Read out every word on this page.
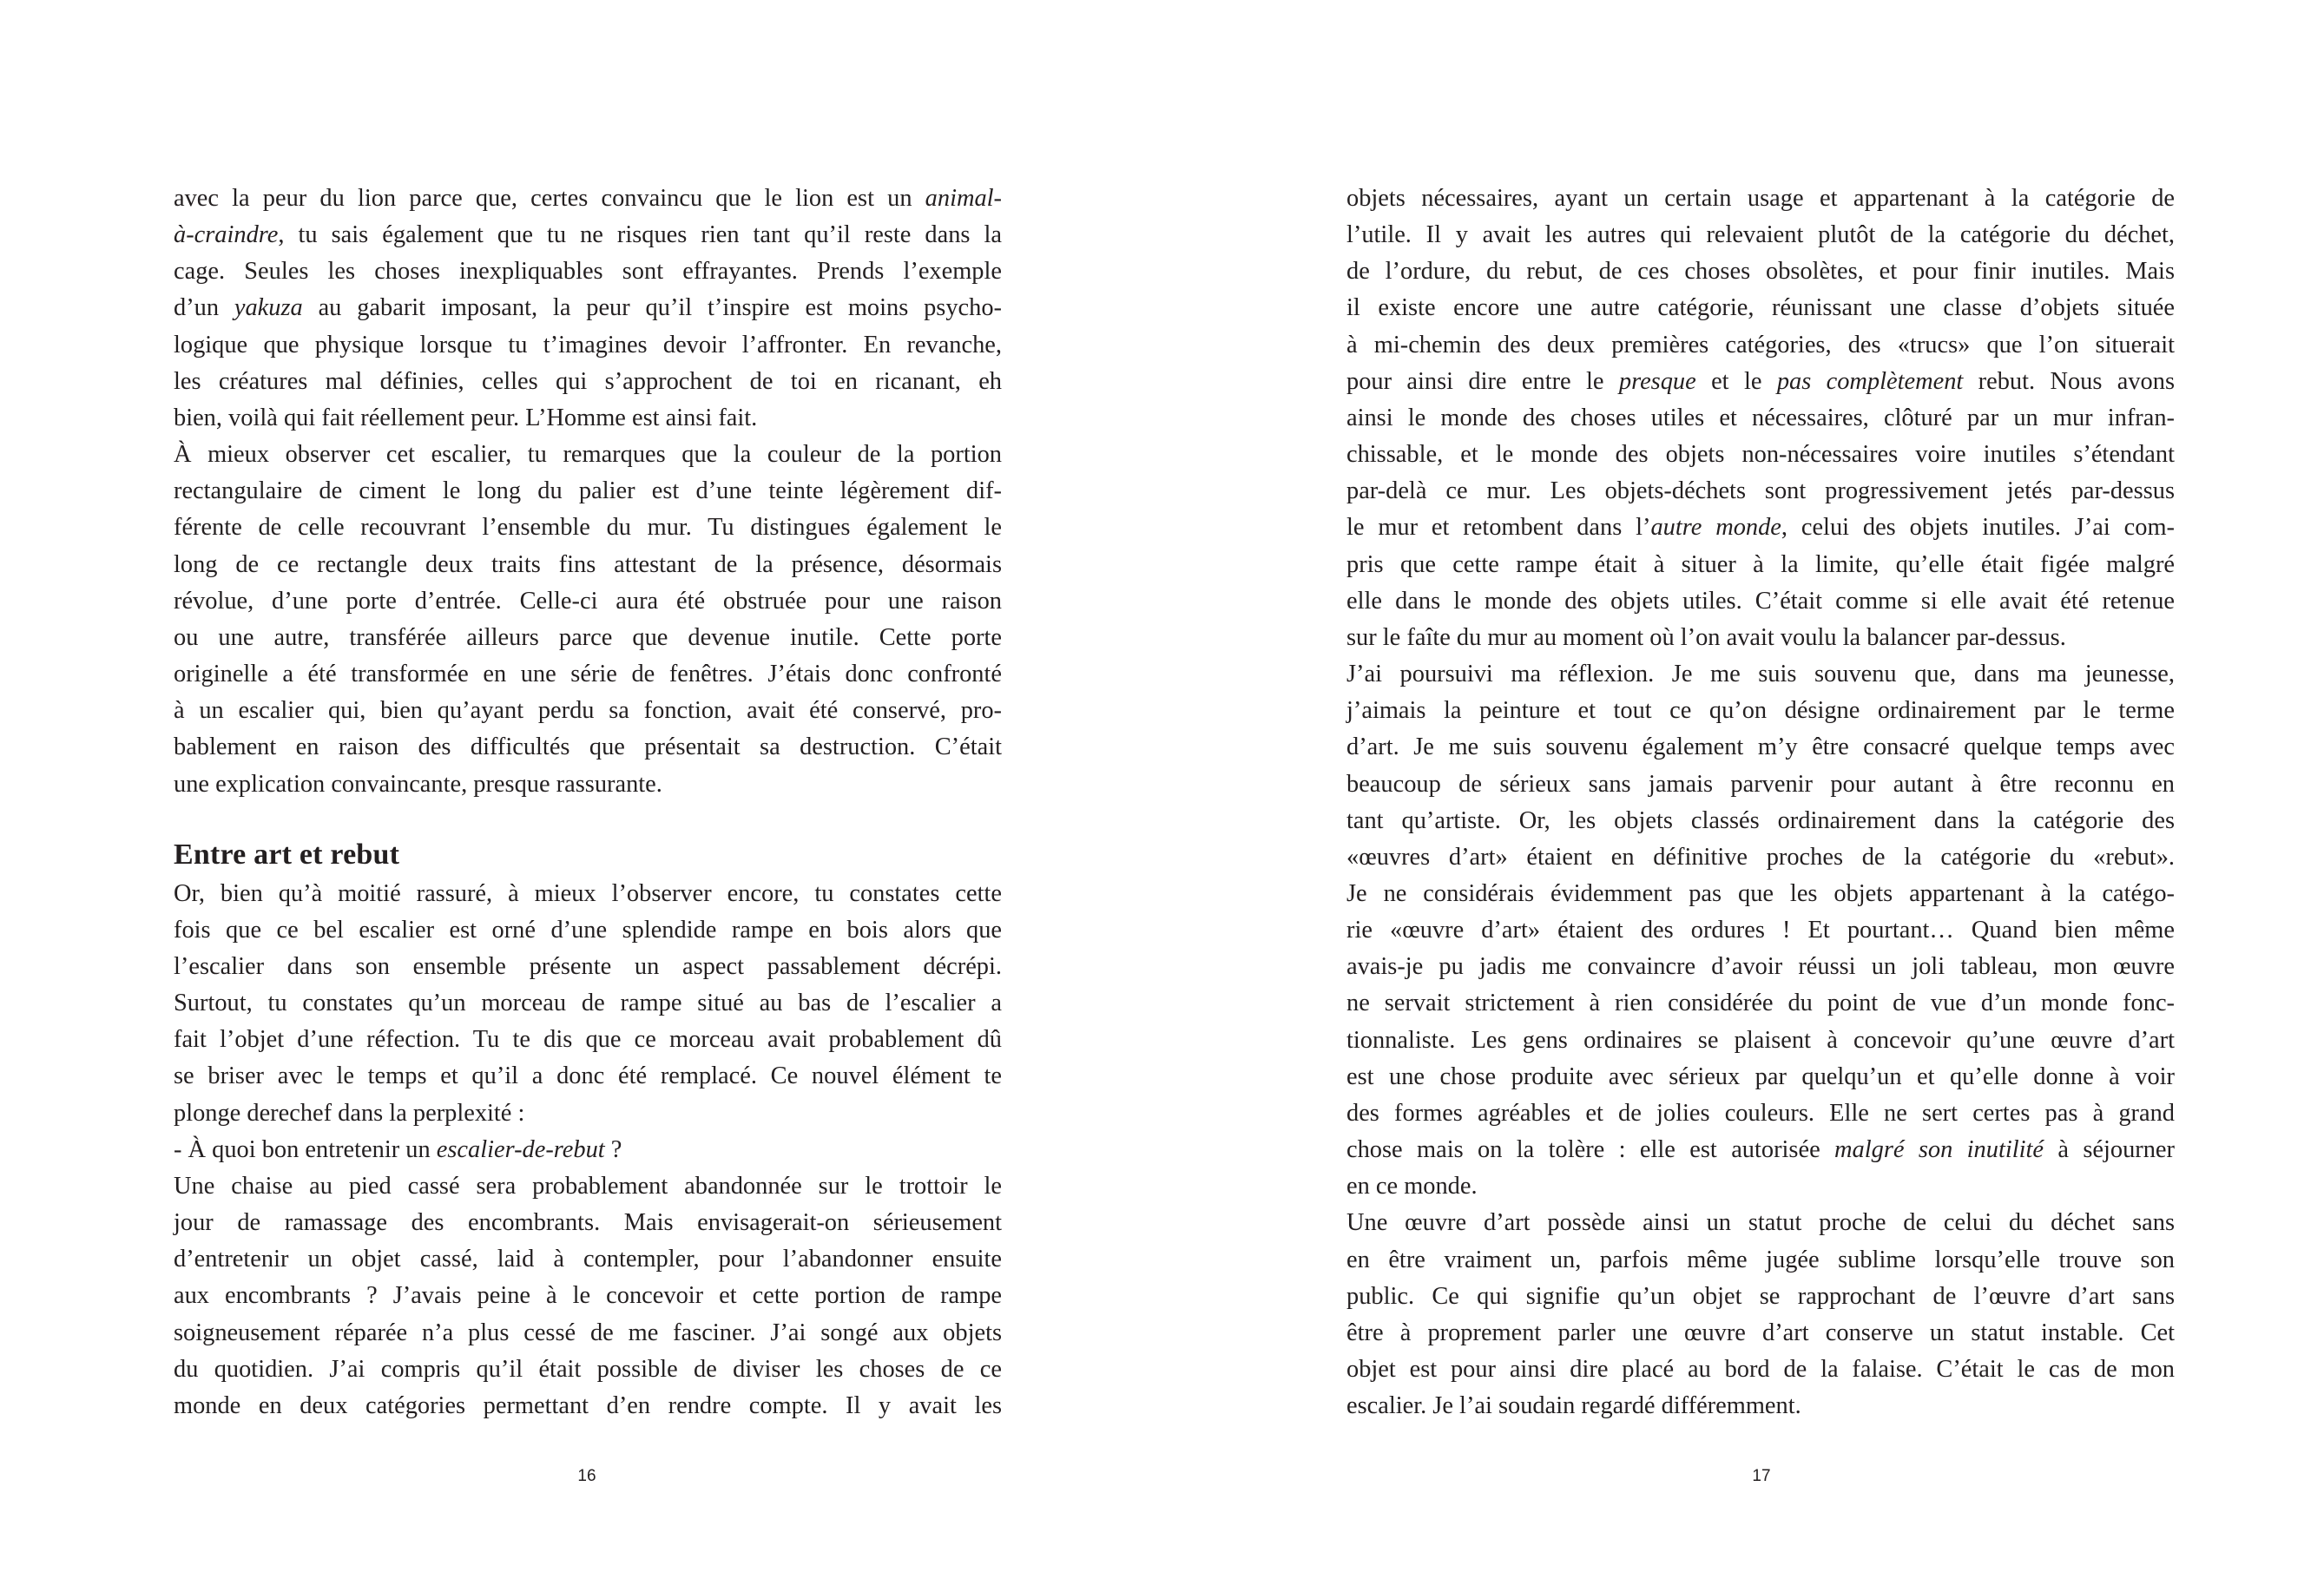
avec la peur du lion parce que, certes convaincu que le lion est un animal-
à-craindre, tu sais également que tu ne risques rien tant qu’il reste dans la
cage. Seules les choses inexpliquables sont effrayantes. Prends l’exemple
d’un yakuza au gabarit imposant, la peur qu’il t’inspire est moins psycho-
logique que physique lorsque tu t’imagines devoir l’affronter. En revanche,
les créatures mal définies, celles qui s’approchent de toi en ricanant, eh
bien, voilà qui fait réellement peur. L’Homme est ainsi fait.
À mieux observer cet escalier, tu remarques que la couleur de la portion
rectangulaire de ciment le long du palier est d’une teinte légèrement dif-
férente de celle recouvrant l’ensemble du mur. Tu distingues également le
long de ce rectangle deux traits fins attestant de la présence, désormais
révolue, d’une porte d’entrée. Celle-ci aura été obstruée pour une raison
ou une autre, transférée ailleurs parce que devenue inutile. Cette porte
originelle a été transformée en une série de fenêtres. J’étais donc confronté
à un escalier qui, bien qu’ayant perdu sa fonction, avait été conservé, pro-
bablement en raison des difficultés que présentait sa destruction. C’était
une explication convaincante, presque rassurante.
Entre art et rebut
Or, bien qu’à moitié rassuré, à mieux l’observer encore, tu constates cette
fois que ce bel escalier est orné d’une splendide rampe en bois alors que
l’escalier dans son ensemble présente un aspect passablement décrépi.
Surtout, tu constates qu’un morceau de rampe situé au bas de l’escalier a
fait l’objet d’une réfection. Tu te dis que ce morceau avait probablement dû
se briser avec le temps et qu’il a donc été remplacé. Ce nouvel élément te
plonge derechef dans la perplexité :
- À quoi bon entretenir un escalier-de-rebut ?
Une chaise au pied cassé sera probablement abandonnée sur le trottoir le
jour de ramassage des encombrants. Mais envisagerait-on sérieusement
d’entretenir un objet cassé, laid à contempler, pour l’abandonner ensuite
aux encombrants ? J’avais peine à le concevoir et cette portion de rampe
soigneusement réparée n’a plus cessé de me fasciner. J’ai songé aux objets
du quotidien. J’ai compris qu’il était possible de diviser les choses de ce
monde en deux catégories permettant d’en rendre compte. Il y avait les
16
objets nécessaires, ayant un certain usage et appartenant à la catégorie de
l’utile. Il y avait les autres qui relevaient plutôt de la catégorie du déchet,
de l’ordure, du rebut, de ces choses obsolètes, et pour finir inutiles. Mais
il existe encore une autre catégorie, réunissant une classe d’objets située
à mi-chemin des deux premières catégories, des «trucs» que l’on situerait
pour ainsi dire entre le presque et le pas complètement rebut. Nous avons
ainsi le monde des choses utiles et nécessaires, clôturé par un mur infran-
chissable, et le monde des objets non-nécessaires voire inutiles s’étendant
par-delà ce mur. Les objets-déchets sont progressivement jetés par-dessus
le mur et retombent dans l’autre monde, celui des objets inutiles. J’ai com-
pris que cette rampe était à situer à la limite, qu’elle était figée malgré
elle dans le monde des objets utiles. C’était comme si elle avait été retenue
sur le faîte du mur au moment où l’on avait voulu la balancer par-dessus.
J’ai poursuivi ma réflexion. Je me suis souvenu que, dans ma jeunesse,
j’aimais la peinture et tout ce qu’on désigne ordinairement par le terme
d’art. Je me suis souvenu également m’y être consacré quelque temps avec
beaucoup de sérieux sans jamais parvenir pour autant à être reconnu en
tant qu’artiste. Or, les objets classés ordinairement dans la catégorie des
«œuvres d’art» étaient en définitive proches de la catégorie du «rebut».
Je ne considérais évidemment pas que les objets appartenant à la catégo-
rie «œuvre d’art» étaient des ordures ! Et pourtant… Quand bien même
avais-je pu jadis me convaincre d’avoir réussi un joli tableau, mon œuvre
ne servait strictement à rien considérée du point de vue d’un monde fonc-
tionnaliste. Les gens ordinaires se plaisent à concevoir qu’une œuvre d’art
est une chose produite avec sérieux par quelqu’un et qu’elle donne à voir
des formes agréables et de jolies couleurs. Elle ne sert certes pas à grand
chose mais on la tolère : elle est autorisée malgré son inutilité à séjourner
en ce monde.
Une œuvre d’art possède ainsi un statut proche de celui du déchet sans
en être vraiment un, parfois même jugée sublime lorsqu’elle trouve son
public. Ce qui signifie qu’un objet se rapprochant de l’œuvre d’art sans
être à proprement parler une œuvre d’art conserve un statut instable. Cet
objet est pour ainsi dire placé au bord de la falaise. C’était le cas de mon
escalier. Je l’ai soudain regardé différemment.
17
